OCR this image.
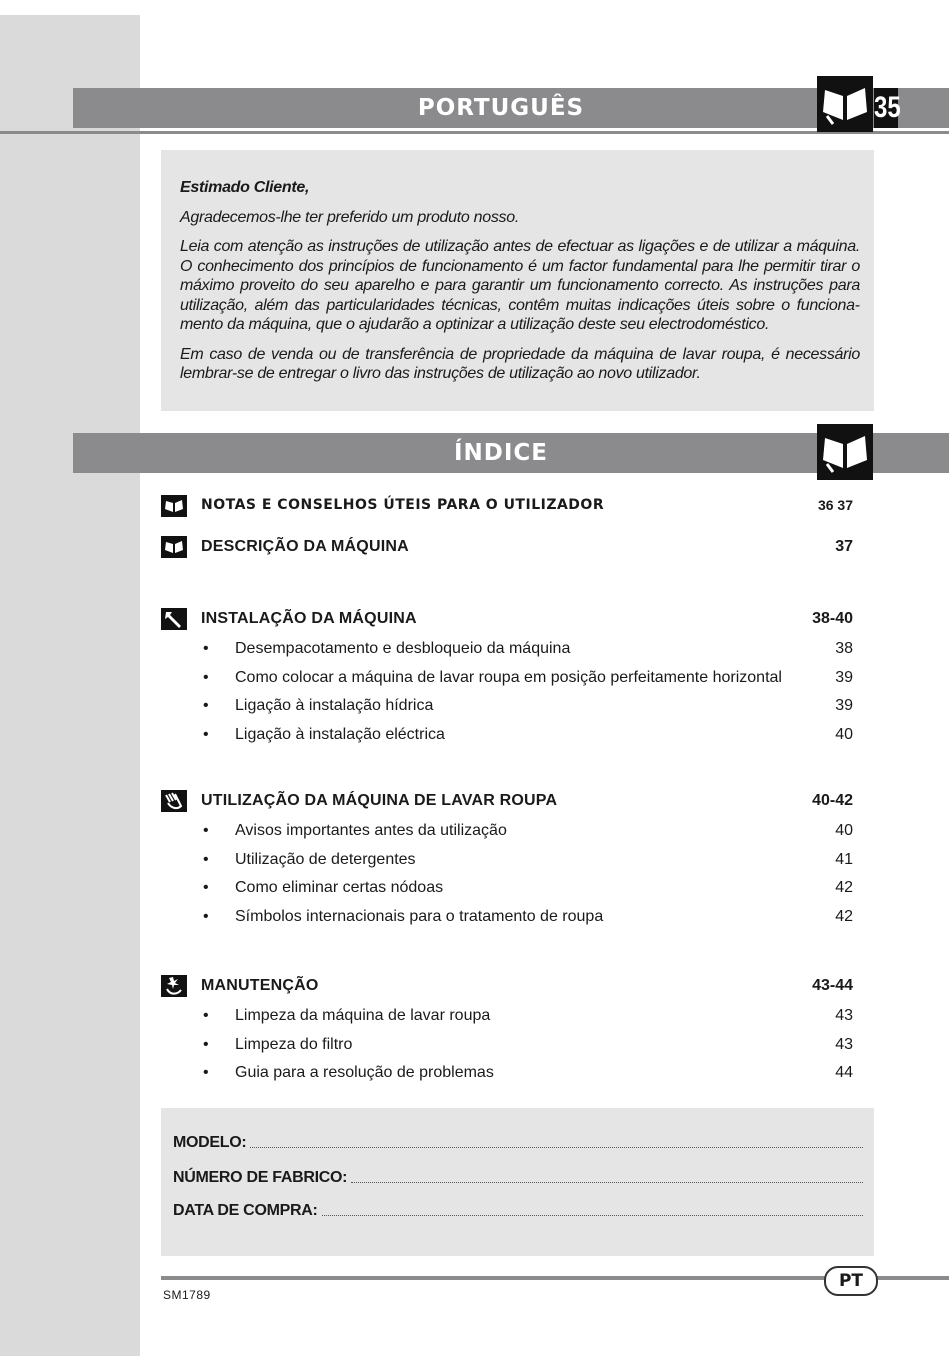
PORTUGUÊS	35

Estimado Cliente,

Agradecemos-lhe ter preferido um produto nosso.

Leia com atenção as instruções de utilização antes de efectuar as ligações e de utilizar a máquina. O conhecimento dos princípios de funcionamento é um factor fundamental para lhe permitir tirar o máximo proveito do seu aparelho e para garantir um funcionamento correcto. As instruções para utilização, além das particularidades técnicas, contêm muitas indicações úteis sobre o funcionamento da máquina, que o ajudarão a optinizar a utilização deste seu electrodoméstico.

Em caso de venda ou de transferência de propriedade da máquina de lavar roupa, é necessário lembrar-se de entregar o livro das instruções de utilização ao novo utilizador.

ÍNDICE
NOTAS E CONSELHOS ÚTEIS PARA O UTILIZADOR	36 37
DESCRIÇÃO DA MÁQUINA	37
INSTALAÇÃO DA MÁQUINA	38-40
• Desempacotamento e desbloqueio da máquina	38
• Como colocar a máquina de lavar roupa em posição perfeitamente horizontal	39
• Ligação à instalação hídrica	39
• Ligação à instalação eléctrica	40
UTILIZAÇÃO DA MÁQUINA DE LAVAR ROUPA	40-42
• Avisos importantes antes da utilização	40
• Utilização de detergentes	41
• Como eliminar certas nódoas	42
• Símbolos internacionais para o tratamento de roupa	42
MANUTENÇÃO	43-44
• Limpeza da máquina de lavar roupa	43
• Limpeza do filtro	43
• Guia para a resolução de problemas	44
MODELO:
NÚMERO DE FABRICO:
DATA DE COMPRA:
PT
SM1789
